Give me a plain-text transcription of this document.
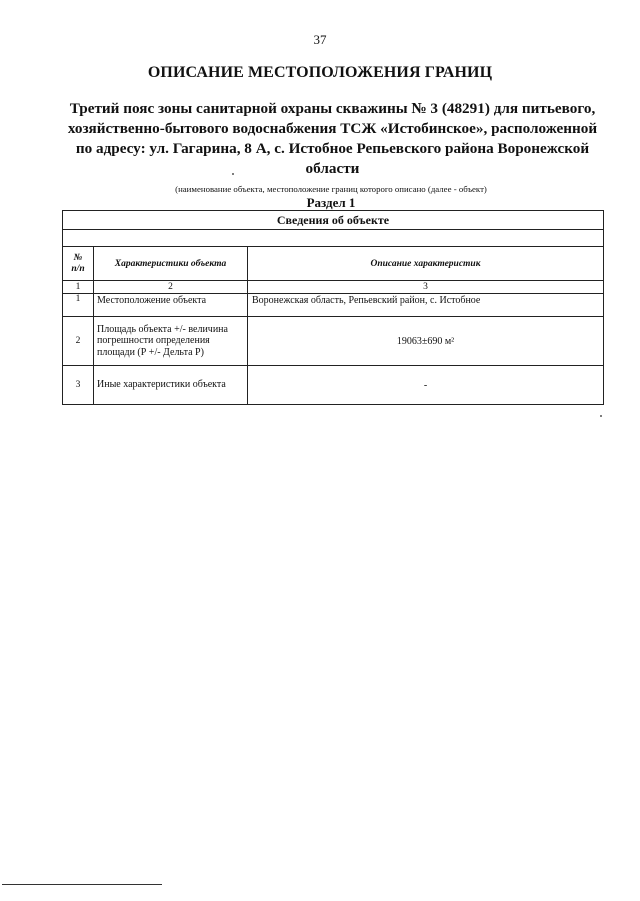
37
ОПИСАНИЕ МЕСТОПОЛОЖЕНИЯ ГРАНИЦ
Третий пояс зоны санитарной охраны скважины № 3 (48291) для питьевого,
хозяйственно-бытового водоснабжения ТСЖ «Истобинское», расположенной
по адресу: ул. Гагарина, 8 А, с. Истобное Репьевского района Воронежской
области
(наименование объекта, местоположение границ которого описано (далее - объект)
Раздел 1
Сведения об объекте		

№
п/п	Характеристики объекта	Описание характеристик
1	2	3
1	Местоположение объекта	Воронежская область, Репьевский район, с. Истобное
2	Площадь объекта +/- величина
погрешности определения
площади (Р +/- Дельта Р)	19063±690 м²
3	Иные характеристики объекта	-
